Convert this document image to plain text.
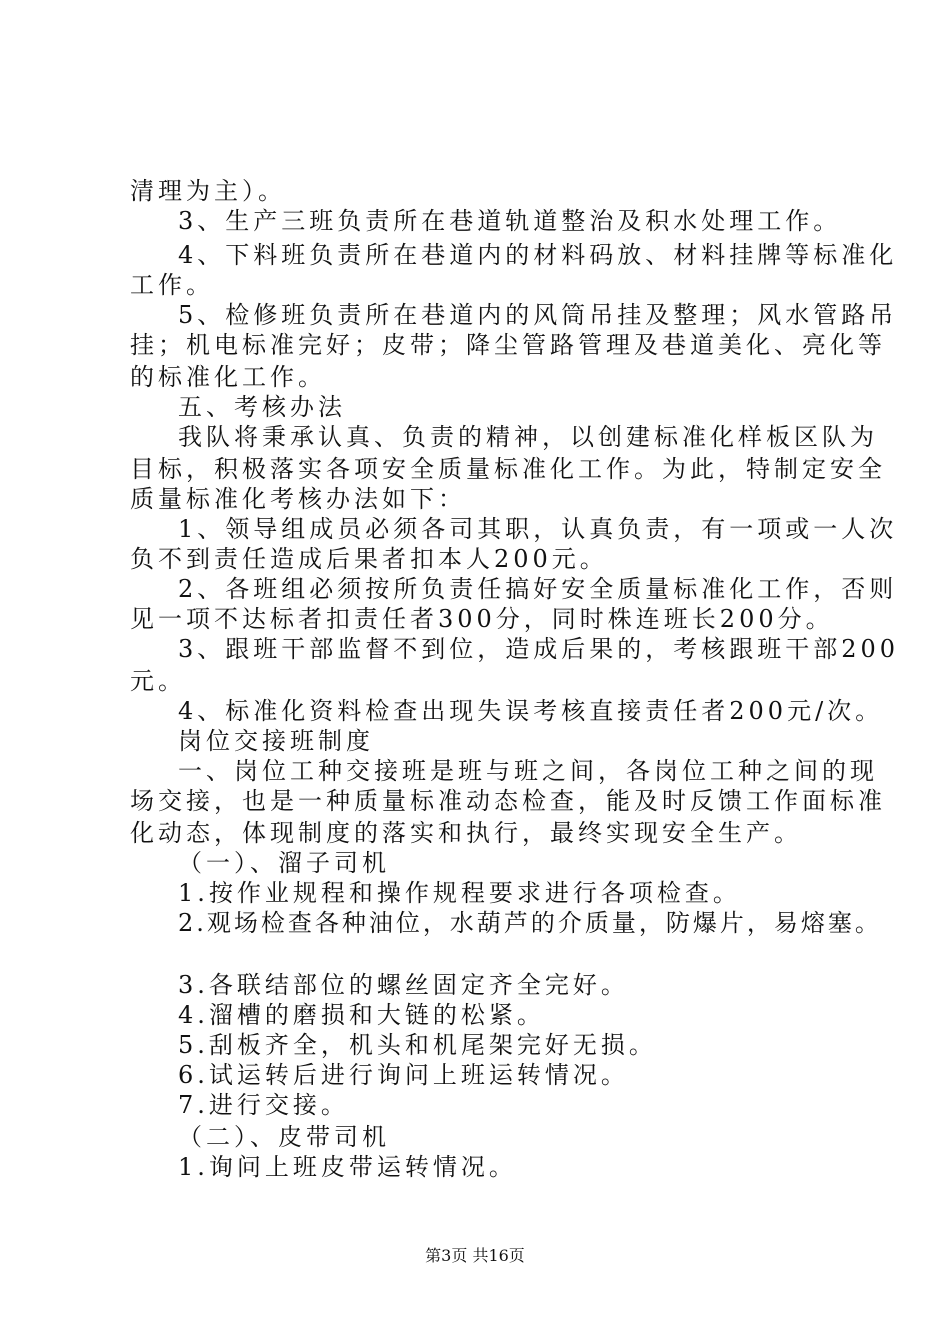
清理为主）。
3、生产三班负责所在巷道轨道整治及积水处理工作。
4、下料班负责所在巷道内的材料码放、材料挂牌等标准化
工作。
5、检修班负责所在巷道内的风筒吊挂及整理；风水管路吊
挂；机电标准完好；皮带；降尘管路管理及巷道美化、亮化等
的标准化工作。
五、考核办法
我队将秉承认真、负责的精神，以创建标准化样板区队为
目标，积极落实各项安全质量标准化工作。为此，特制定安全
质量标准化考核办法如下：
1、领导组成员必须各司其职，认真负责，有一项或一人次
负不到责任造成后果者扣本人200元。
2、各班组必须按所负责任搞好安全质量标准化工作，否则
见一项不达标者扣责任者300分，同时株连班长200分。
3、跟班干部监督不到位，造成后果的，考核跟班干部200
元。
4、标准化资料检查出现失误考核直接责任者200元/次。
岗位交接班制度
一、岗位工种交接班是班与班之间，各岗位工种之间的现
场交接，也是一种质量标准动态检查，能及时反馈工作面标准
化动态，体现制度的落实和执行，最终实现安全生产。
（一）、溜子司机
1.按作业规程和操作规程要求进行各项检查。
2.观场检查各种油位，水葫芦的介质量，防爆片，易熔塞。
3.各联结部位的螺丝固定齐全完好。
4.溜槽的磨损和大链的松紧。
5.刮板齐全，机头和机尾架完好无损。
6.试运转后进行询问上班运转情况。
7.进行交接。
（二）、皮带司机
1.询问上班皮带运转情况。
第3页 共16页
